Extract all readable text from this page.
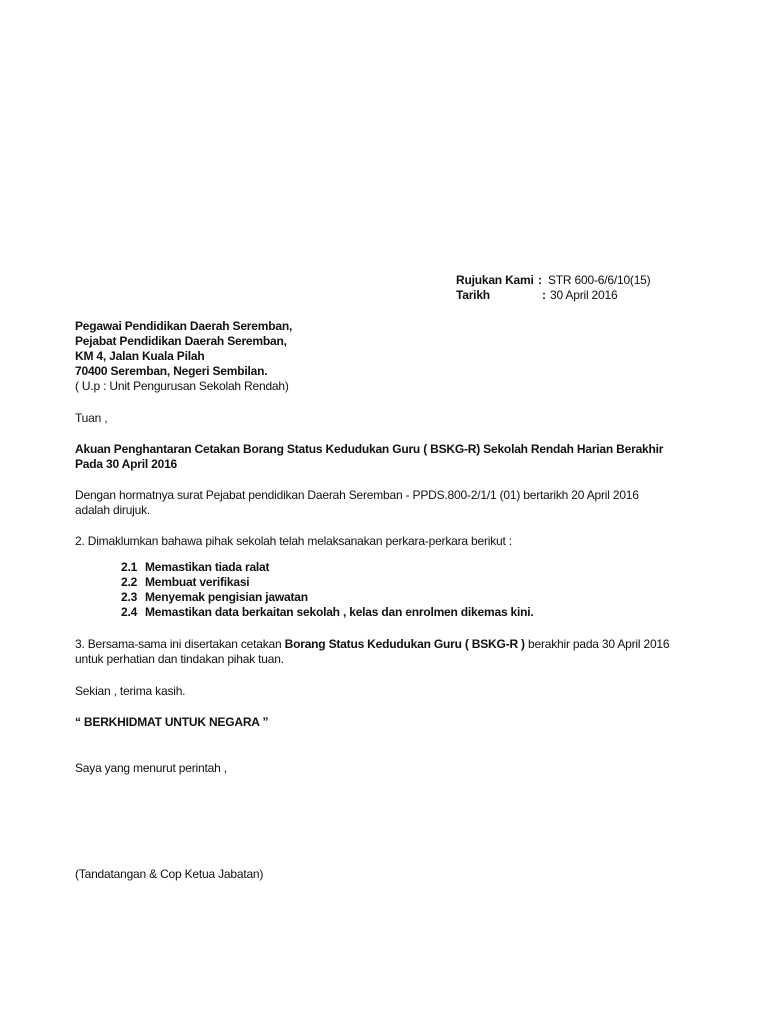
Rujukan Kami : STR 600-6/6/10(15)
Tarikh	: 30 April 2016
Pegawai Pendidikan Daerah Seremban,
Pejabat Pendidikan Daerah Seremban,
KM 4, Jalan Kuala Pilah
70400 Seremban, Negeri Sembilan.
( U.p : Unit Pengurusan Sekolah Rendah)
Tuan ,
Akuan Penghantaran Cetakan Borang Status Kedudukan Guru ( BSKG-R) Sekolah Rendah Harian Berakhir
Pada 30 April 2016
Dengan hormatnya surat Pejabat pendidikan Daerah Seremban - PPDS.800-2/1/1 (01) bertarikh 20 April 2016
adalah dirujuk.
2. Dimaklumkan bahawa pihak sekolah telah melaksanakan perkara-perkara berikut :
2.1 Memastikan tiada ralat
2.2 Membuat verifikasi
2.3 Menyemak pengisian jawatan
2.4 Memastikan data berkaitan sekolah , kelas dan enrolmen dikemas kini.
3. Bersama-sama ini disertakan cetakan Borang Status Kedudukan Guru ( BSKG-R ) berakhir pada 30 April 2016
untuk perhatian dan tindakan pihak tuan.
Sekian , terima kasih.
“ BERKHIDMAT UNTUK NEGARA ”
Saya yang menurut perintah ,
(Tandatangan & Cop Ketua Jabatan)
